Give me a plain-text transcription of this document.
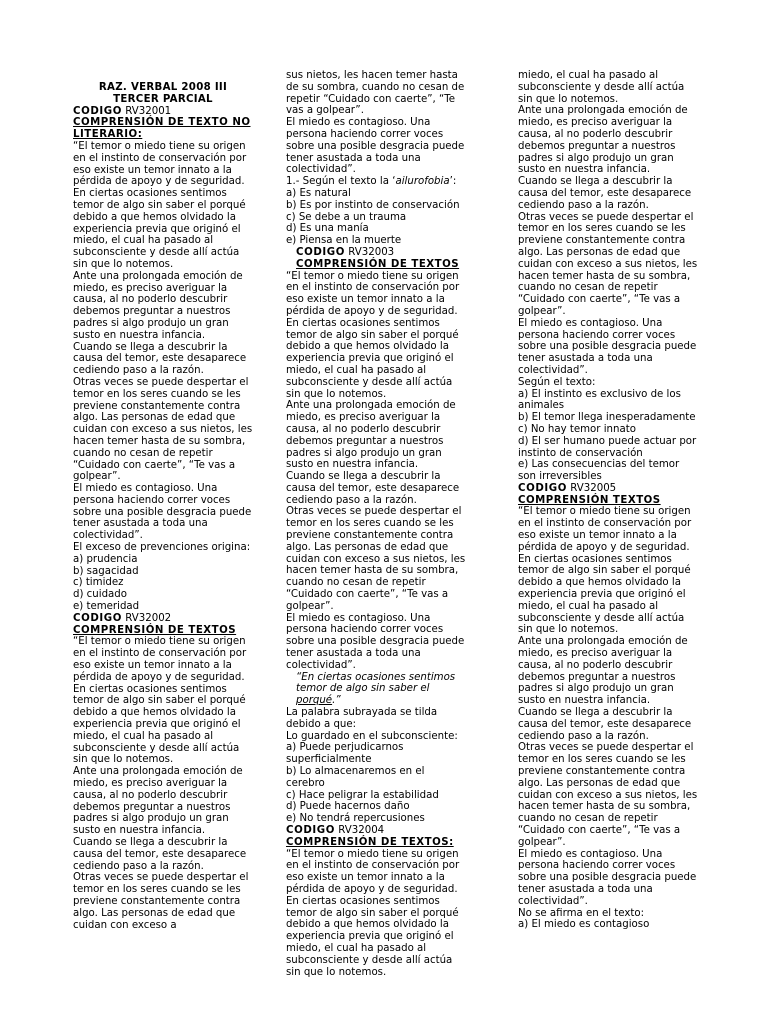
RAZ. VERBAL 2008 III

TERCER PARCIAL

CODIGO RV32001

COMPRENSIÓN DE TEXTO NO LITERARIO:

“El temor o miedo tiene su origen en el instinto de conservación por eso existe un temor innato a la pérdida de apoyo y de seguridad.

En ciertas ocasiones sentimos temor de algo sin saber el porqué debido a que hemos olvidado la experiencia previa que originó el miedo, el cual ha pasado al subconsciente y desde allí actúa sin que lo notemos.

Ante una prolongada emoción de miedo, es preciso averiguar la causa, al no poderlo descubrir debemos preguntar a nuestros padres si algo produjo un gran susto en nuestra infancia.

Cuando se llega a descubrir la causa del temor, este desaparece cediendo paso a la razón.

Otras veces se puede despertar el temor en los seres cuando se les previene constantemente contra algo. Las personas de edad que cuidan con exceso a sus nietos, les hacen temer hasta de su sombra, cuando no cesan de repetir “Cuidado con caerte”, “Te vas a golpear”.

El miedo es contagioso. Una persona haciendo correr voces sobre una posible desgracia puede tener asustada a toda una colectividad”.

El exceso de prevenciones origina:

a) prudencia
b) sagacidad
c) timidez
d) cuidado
e) temeridad

CODIGO RV32002

COMPRENSIÓN DE TEXTOS

“El temor o miedo tiene su origen en el instinto de conservación por eso existe un temor innato a la pérdida de apoyo y de seguridad.

En ciertas ocasiones sentimos temor de algo sin saber el porqué debido a que hemos olvidado la experiencia previa que originó el miedo, el cual ha pasado al subconsciente y desde allí actúa sin que lo notemos.

Ante una prolongada emoción de miedo, es preciso averiguar la causa, al no poderlo descubrir debemos preguntar a nuestros padres si algo produjo un gran susto en nuestra infancia.

Cuando se llega a descubrir la causa del temor, este desaparece cediendo paso a la razón.

Otras veces se puede despertar el temor en los seres cuando se les previene constantemente contra algo. Las personas de edad que cuidan con exceso a

sus nietos, les hacen temer hasta de su sombra, cuando no cesan de repetir “Cuidado con caerte”, “Te vas a golpear”.

El miedo es contagioso. Una persona haciendo correr voces sobre una posible desgracia puede tener asustada a toda una colectividad”.

1.- Según el texto la ‘ailurofobia’:

a) Es natural
b) Es por instinto de conservación
c) Se debe a un trauma
d) Es una manía
e) Piensa en la muerte

CODIGO RV32003

COMPRENSIÓN DE TEXTOS

“El temor o miedo tiene su origen en el instinto de conservación por eso existe un temor innato a la pérdida de apoyo y de seguridad.

En ciertas ocasiones sentimos temor de algo sin saber el porqué debido a que hemos olvidado la experiencia previa que originó el miedo, el cual ha pasado al subconsciente y desde allí actúa sin que lo notemos.

Ante una prolongada emoción de miedo, es preciso averiguar la causa, al no poderlo descubrir debemos preguntar a nuestros padres si algo produjo un gran susto en nuestra infancia.

Cuando se llega a descubrir la causa del temor, este desaparece cediendo paso a la razón.

Otras veces se puede despertar el temor en los seres cuando se les previene constantemente contra algo. Las personas de edad que cuidan con exceso a sus nietos, les hacen temer hasta de su sombra, cuando no cesan de repetir “Cuidado con caerte”, “Te vas a golpear”.

El miedo es contagioso. Una persona haciendo correr voces sobre una posible desgracia puede tener asustada a toda una colectividad”.

“En ciertas ocasiones sentimos temor de algo sin saber el porqué.”

La palabra subrayada se tilda debido a que:

Lo guardado en el subconsciente:

a) Puede perjudicarnos superficialmente
b) Lo almacenaremos en el cerebro
c) Hace peligrar la estabilidad
d) Puede hacernos daño
e) No tendrá repercusiones

CODIGO RV32004

COMPRENSIÓN DE TEXTOS:

“El temor o miedo tiene su origen en el instinto de conservación por eso existe un temor innato a la pérdida de apoyo y de seguridad.

En ciertas ocasiones sentimos temor de algo sin saber el porqué debido a que hemos olvidado la experiencia previa que originó el miedo, el cual ha pasado al subconsciente y desde allí actúa sin que lo notemos.

miedo, el cual ha pasado al subconsciente y desde allí actúa sin que lo notemos.

Ante una prolongada emoción de miedo, es preciso averiguar la causa, al no poderlo descubrir debemos preguntar a nuestros padres si algo produjo un gran susto en nuestra infancia.

Cuando se llega a descubrir la causa del temor, este desaparece cediendo paso a la razón.

Otras veces se puede despertar el temor en los seres cuando se les previene constantemente contra algo. Las personas de edad que cuidan con exceso a sus nietos, les hacen temer hasta de su sombra, cuando no cesan de repetir “Cuidado con caerte”, “Te vas a golpear”.

El miedo es contagioso. Una persona haciendo correr voces sobre una posible desgracia puede tener asustada a toda una colectividad”.

Según el texto:

a) El instinto es exclusivo de los animales
b) El temor llega inesperadamente
c) No hay temor innato
d) El ser humano puede actuar por instinto de conservación
e) Las consecuencias del temor son irreversibles

CODIGO RV32005

COMPRENSIÓN TEXTOS

“El temor o miedo tiene su origen en el instinto de conservación por eso existe un temor innato a la pérdida de apoyo y de seguridad.

En ciertas ocasiones sentimos temor de algo sin saber el porqué debido a que hemos olvidado la experiencia previa que originó el miedo, el cual ha pasado al subconsciente y desde allí actúa sin que lo notemos.

Ante una prolongada emoción de miedo, es preciso averiguar la causa, al no poderlo descubrir debemos preguntar a nuestros padres si algo produjo un gran susto en nuestra infancia.

Cuando se llega a descubrir la causa del temor, este desaparece cediendo paso a la razón.

Otras veces se puede despertar el temor en los seres cuando se les previene constantemente contra algo. Las personas de edad que cuidan con exceso a sus nietos, les hacen temer hasta de su sombra, cuando no cesan de repetir “Cuidado con caerte”, “Te vas a golpear”.

El miedo es contagioso. Una persona haciendo correr voces sobre una posible desgracia puede tener asustada a toda una colectividad”.

No se afirma en el texto:

a) El miedo es contagioso
